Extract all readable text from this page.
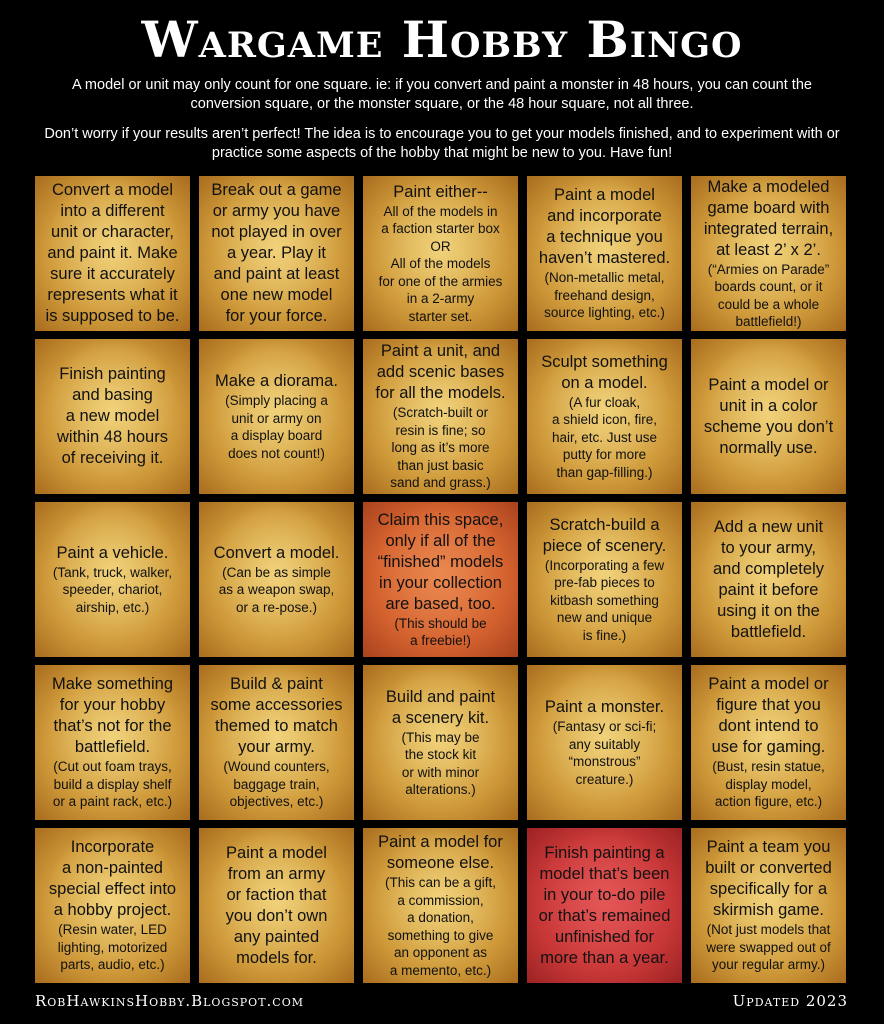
Wargame Hobby Bingo
A model or unit may only count for one square. ie: if you convert and paint a monster in 48 hours, you can count the conversion square, or the monster square, or the 48 hour square, not all three.
Don’t worry if your results aren’t perfect! The idea is to encourage you to get your models finished, and to experiment with or practice some aspects of the hobby that might be new to you. Have fun!
Convert a model
into a different
unit or character,
and paint it. Make
sure it accurately
represents what it
is supposed to be.
Break out a game
or army you have
not played in over
a year. Play it
and paint at least
one new model
for your force.
Paint either--
All of the models in
a faction starter box
OR
All of the models
for one of the armies
in a 2-army
starter set.
Paint a model
and incorporate
a technique you
haven’t mastered.
(Non-metallic metal,
freehand design,
source lighting, etc.)
Make a modeled
game board with
integrated terrain,
at least 2’ x 2’.
(“Armies on Parade”
boards count, or it
could be a whole
battlefield!)
Finish painting
and basing
a new model
within 48 hours
of receiving it.
Make a diorama.
(Simply placing a
unit or army on
a display board
does not count!)
Paint a unit, and
add scenic bases
for all the models.
(Scratch-built or
resin is fine; so
long as it’s more
than just basic
sand and grass.)
Sculpt something
on a model.
(A fur cloak,
a shield icon, fire,
hair, etc. Just use
putty for more
than gap-filling.)
Paint a model or
unit in a color
scheme you don’t
normally use.
Paint a vehicle.
(Tank, truck, walker,
speeder, chariot,
airship, etc.)
Convert a model.
(Can be as simple
as a weapon swap,
or a re-pose.)
Claim this space,
only if all of the
“finished” models
in your collection
are based, too.
(This should be
a freebie!)
Scratch-build a
piece of scenery.
(Incorporating a few
pre-fab pieces to
kitbash something
new and unique
is fine.)
Add a new unit
to your army,
and completely
paint it before
using it on the
battlefield.
Make something
for your hobby
that’s not for the
battlefield.
(Cut out foam trays,
build a display shelf
or a paint rack, etc.)
Build & paint
some accessories
themed to match
your army.
(Wound counters,
baggage train,
objectives, etc.)
Build and paint
a scenery kit.
(This may be
the stock kit
or with minor
alterations.)
Paint a monster.
(Fantasy or sci-fi;
any suitably
“monstrous”
creature.)
Paint a model or
figure that you
dont intend to
use for gaming.
(Bust, resin statue,
display model,
action figure, etc.)
Incorporate
a non-painted
special effect into
a hobby project.
(Resin water, LED
lighting, motorized
parts, audio, etc.)
Paint a model
from an army
or faction that
you don’t own
any painted
models for.
Paint a model for
someone else.
(This can be a gift,
a commission,
a donation,
something to give
an opponent as
a memento, etc.)
Finish painting a
model that’s been
in your to-do pile
or that’s remained
unfinished for
more than a year.
Paint a team you
built or converted
specifically for a
skirmish game.
(Not just models that
were swapped out of
your regular army.)
RobHawkinsHobby.Blogspot.com	Updated 2023
